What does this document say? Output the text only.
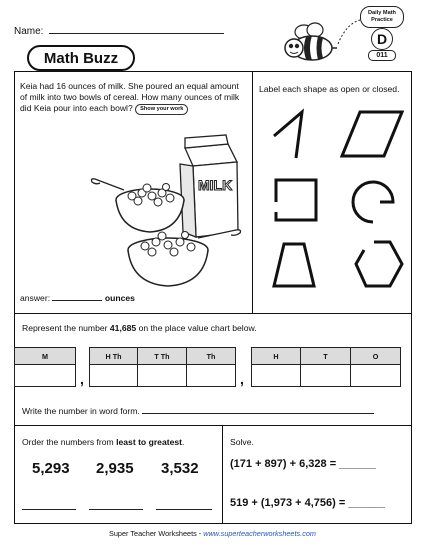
Name:
Math Buzz
Daily Math
Practice
D
011
Keia had 16 ounces of milk. She poured an equal amount of milk into two bowls of cereal. How many ounces of milk did Keia pour into each bowl? Show your work
MILK
answer:	ounces
Label each shape as open or closed.
Represent the number 41,685 on the place value chart below.
M
,
H Th	T Th	Th
,
H	T	O
Write the number in word form.
Order the numbers from least to greatest.
5,293 2,935 3,532
Solve.
(171 + 897) + 6,328 = ______
519 + (1,973 + 4,756) = ______
Super Teacher Worksheets - www.superteacherworksheets.com
